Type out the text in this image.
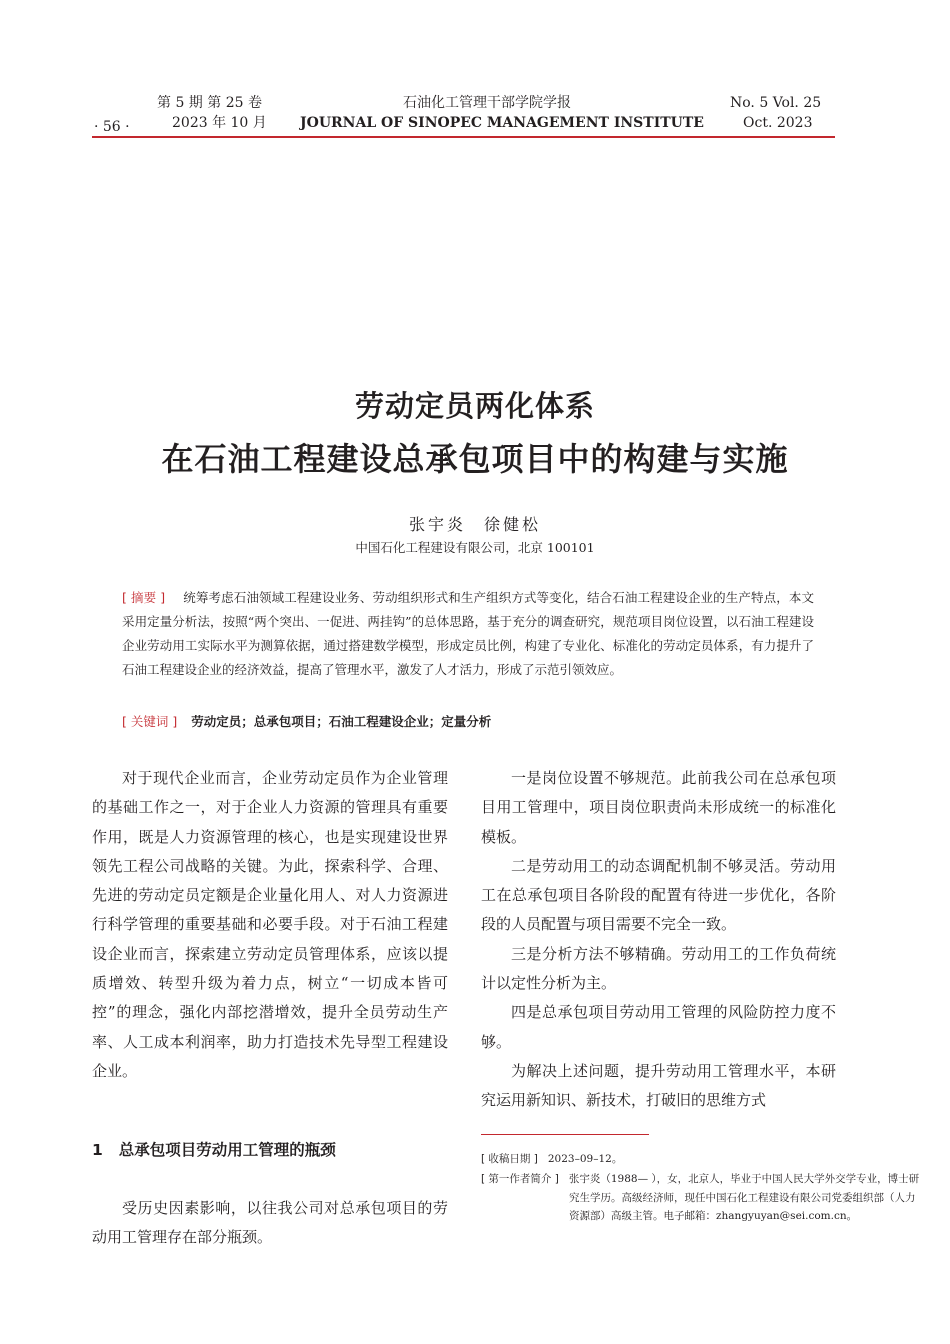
第 5 期 第 25 卷
· 56 ·	2023 年 10 月
石油化工管理干部学院学报
JOURNAL OF SINOPEC MANAGEMENT INSTITUTE
No. 5 Vol. 25
Oct. 2023
劳动定员两化体系
在石油工程建设总承包项目中的构建与实施
张宇炎 徐健松
中国石化工程建设有限公司，北京 100101
[ 摘要 ] 统筹考虑石油领域工程建设业务、劳动组织形式和生产组织方式等变化，结合石油工程建设企业的生产特点，本文采用定量分析法，按照“两个突出、一促进、两挂钩”的总体思路，基于充分的调查研究，规范项目岗位设置，以石油工程建设企业劳动用工实际水平为测算依据，通过搭建数学模型，形成定员比例，构建了专业化、标准化的劳动定员体系，有力提升了石油工程建设企业的经济效益，提高了管理水平，激发了人才活力，形成了示范引领效应。
[ 关键词 ] 劳动定员；总承包项目；石油工程建设企业；定量分析

对于现代企业而言，企业劳动定员作为企业管理的基础工作之一，对于企业人力资源的管理具有重要作用，既是人力资源管理的核心，也是实现建设世界领先工程公司战略的关键。为此，探索科学、合理、先进的劳动定员定额是企业量化用人、对人力资源进行科学管理的重要基础和必要手段。对于石油工程建设企业而言，探索建立劳动定员管理体系，应该以提质增效、转型升级为着力点，树立“一切成本皆可控”的理念，强化内部挖潜增效，提升全员劳动生产率、人工成本利润率，助力打造技术先导型工程建设企业。

1 总承包项目劳动用工管理的瓶颈

受历史因素影响，以往我公司对总承包项目的劳动用工管理存在部分瓶颈。

一是岗位设置不够规范。此前我公司在总承包项目用工管理中，项目岗位职责尚未形成统一的标准化模板。

二是劳动用工的动态调配机制不够灵活。劳动用工在总承包项目各阶段的配置有待进一步优化，各阶段的人员配置与项目需要不完全一致。

三是分析方法不够精确。劳动用工的工作负荷统计以定性分析为主。

四是总承包项目劳动用工管理的风险防控力度不够。

为解决上述问题，提升劳动用工管理水平，本研究运用新知识、新技术，打破旧的思维方式

[ 收稿日期 ] 2023–09–12。
[ 第一作者简介 ] 张宇炎（1988— ），女，北京人，毕业于中国人民大学外交学专业，博士研究生学历。高级经济师，现任中国石化工程建设有限公司党委组织部（人力资源部）高级主管。电子邮箱：zhangyuyan@sei.com.cn。
